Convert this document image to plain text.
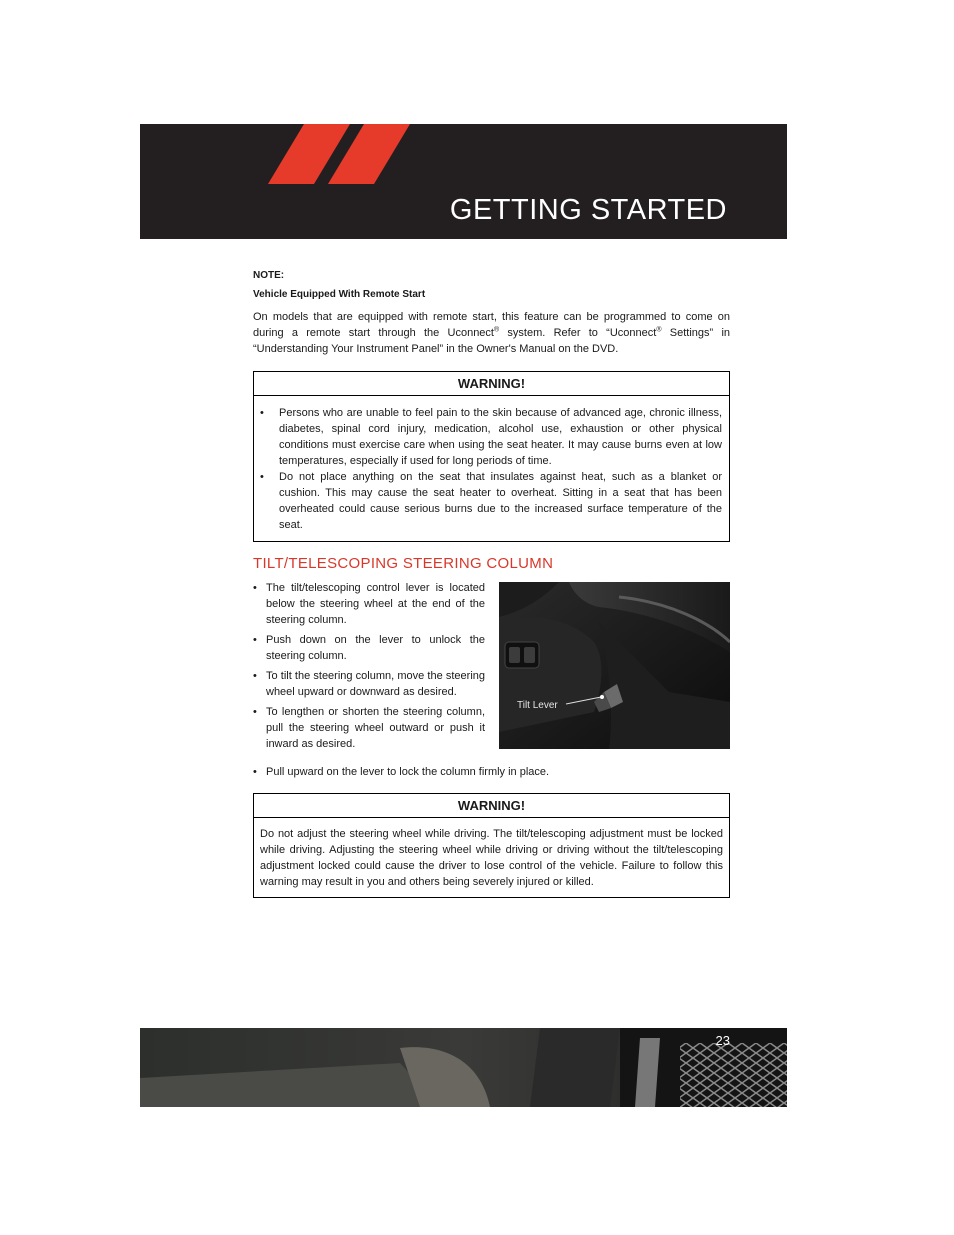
GETTING STARTED

NOTE:

Vehicle Equipped With Remote Start

On models that are equipped with remote start, this feature can be programmed to come on during a remote start through the Uconnect® system. Refer to “Uconnect® Settings” in “Understanding Your Instrument Panel” in the Owner's Manual on the DVD.

WARNING!
• Persons who are unable to feel pain to the skin because of advanced age, chronic illness, diabetes, spinal cord injury, medication, alcohol use, exhaustion or other physical conditions must exercise care when using the seat heater. It may cause burns even at low temperatures, especially if used for long periods of time.
• Do not place anything on the seat that insulates against heat, such as a blanket or cushion. This may cause the seat heater to overheat. Sitting in a seat that has been overheated could cause serious burns due to the increased surface temperature of the seat.
TILT/TELESCOPING STEERING COLUMN
• The tilt/telescoping control lever is located below the steering wheel at the end of the steering column.
• Push down on the lever to unlock the steering column.
• To tilt the steering column, move the steering wheel upward or downward as desired.
• To lengthen or shorten the steering column, pull the steering wheel outward or push it inward as desired.
Tilt Lever
• Pull upward on the lever to lock the column firmly in place.
WARNING!
Do not adjust the steering wheel while driving. The tilt/telescoping adjustment must be locked while driving. Adjusting the steering wheel while driving or driving without the tilt/telescoping adjustment locked could cause the driver to lose control of the vehicle. Failure to follow this warning may result in you and others being severely injured or killed.
23
